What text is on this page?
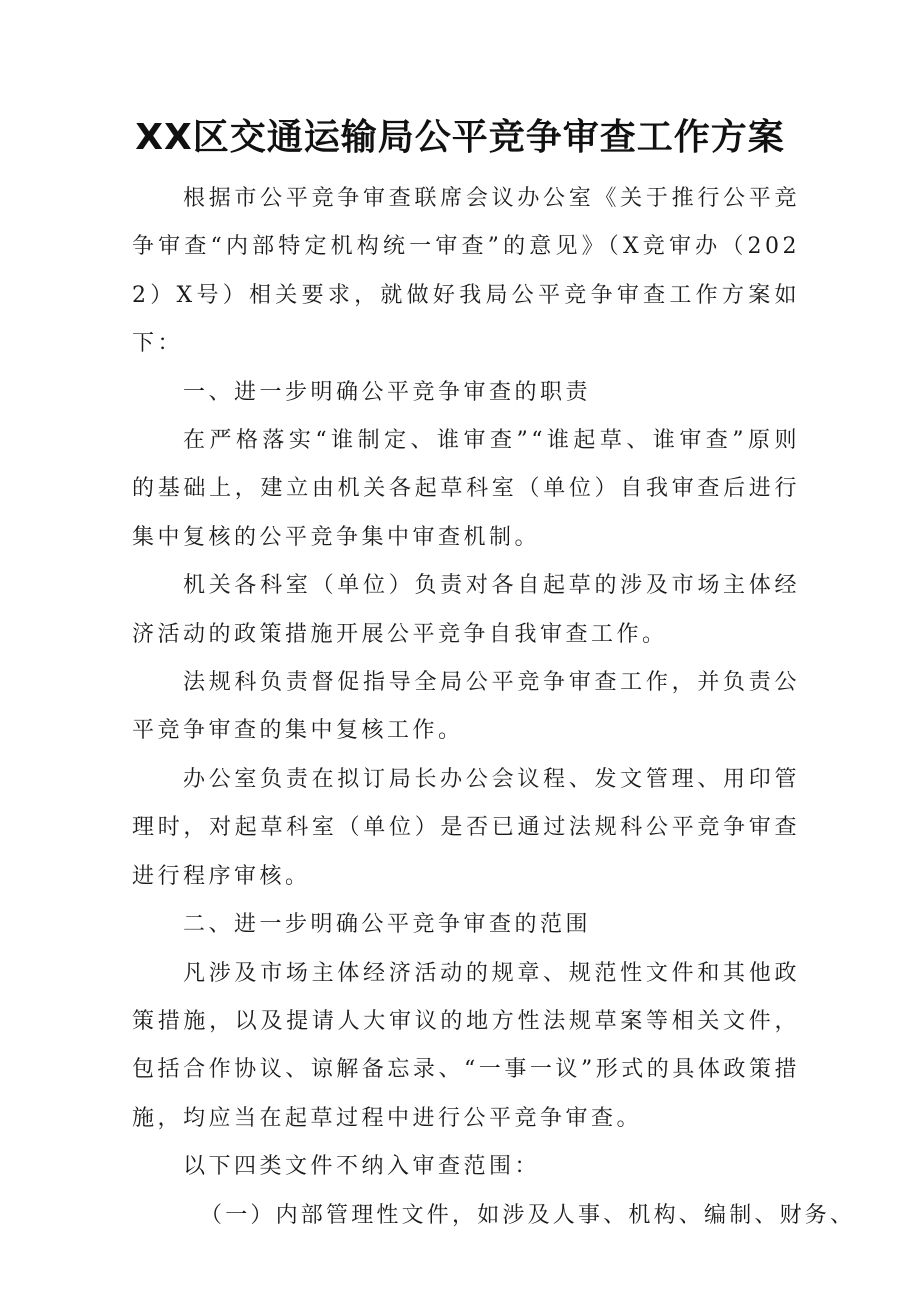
XX区交通运输局公平竞争审查工作方案

根据市公平竞争审查联席会议办公室《关于推行公平竞争审查“内部特定机构统一审查”的意见》（X竞审办（2022）X号）相关要求，就做好我局公平竞争审查工作方案如下：

一、进一步明确公平竞争审查的职责

在严格落实“谁制定、谁审查”“谁起草、谁审查”原则的基础上，建立由机关各起草科室（单位）自我审查后进行集中复核的公平竞争集中审查机制。

机关各科室（单位）负责对各自起草的涉及市场主体经济活动的政策措施开展公平竞争自我审查工作。

法规科负责督促指导全局公平竞争审查工作，并负责公平竞争审查的集中复核工作。

办公室负责在拟订局长办公会议程、发文管理、用印管理时，对起草科室（单位）是否已通过法规科公平竞争审查进行程序审核。

二、进一步明确公平竞争审查的范围

凡涉及市场主体经济活动的规章、规范性文件和其他政策措施，以及提请人大审议的地方性法规草案等相关文件，包括合作协议、谅解备忘录、“一事一议”形式的具体政策措施，均应当在起草过程中进行公平竞争审查。

以下四类文件不纳入审查范围：

（一）内部管理性文件，如涉及人事、机构、编制、财务、
